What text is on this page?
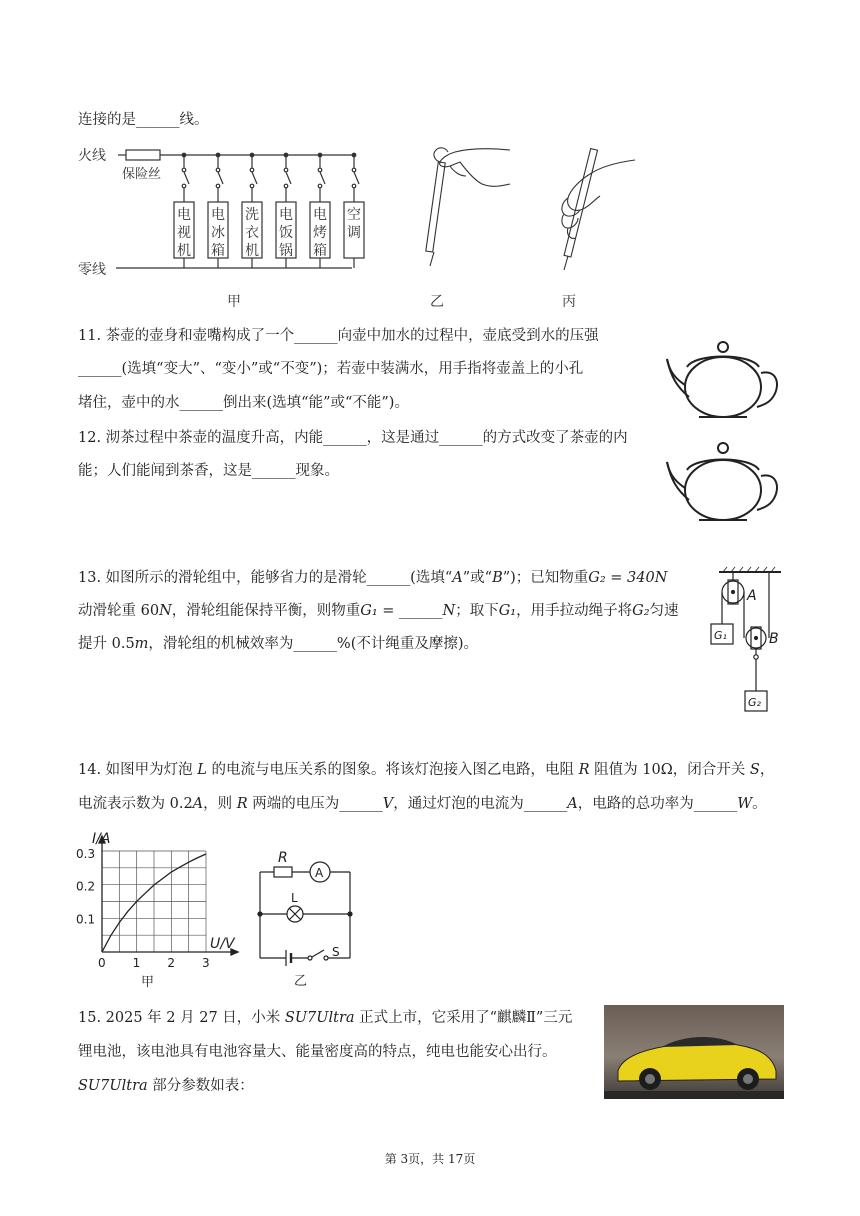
连接的是______线。
火线
保险丝
零线
甲
电
视
机
电
冰
箱
洗
衣
机
电
饭
锅
电
烤
箱
空
调
乙	丙
11. 茶壶的壶身和壶嘴构成了一个______向壶中加水的过程中，壶底受到水的压强
______(选填“变大”、“变小”或“不变”)；若壶中装满水，用手指将壶盖上的小孔
堵住，壶中的水______倒出来(选填“能”或“不能”)。
12. 沏茶过程中茶壶的温度升高，内能______，这是通过______的方式改变了茶壶的内
能；人们能闻到茶香，这是______现象。
13. 如图所示的滑轮组中，能够省力的是滑轮______(选填“A”或“B”)；已知物重G₂ = 340N
动滑轮重 60N，滑轮组能保持平衡，则物重G₁ = ______N；取下G₁，用手拉动绳子将G₂匀速
提升 0.5m，滑轮组的机械效率为______%(不计绳重及摩擦)。
A
B
G₁
G₂
14. 如图甲为灯泡 L 的电流与电压关系的图象。将该灯泡接入图乙电路，电阻 R 阻值为 10Ω，闭合开关 S，
电流表示数为 0.2A，则 R 两端的电压为______V，通过灯泡的电流为______A，电路的总功率为______W。
I/A
U/V
0 1 2 3
0.1
0.2
0.3
甲
R
A
L
S
乙
15. 2025 年 2 月 27 日，小米 SU7Ultra 正式上市，它采用了“麒麟Ⅱ”三元
锂电池，该电池具有电池容量大、能量密度高的特点，纯电也能安心出行。
SU7Ultra 部分参数如表：
第 3页，共 17页
